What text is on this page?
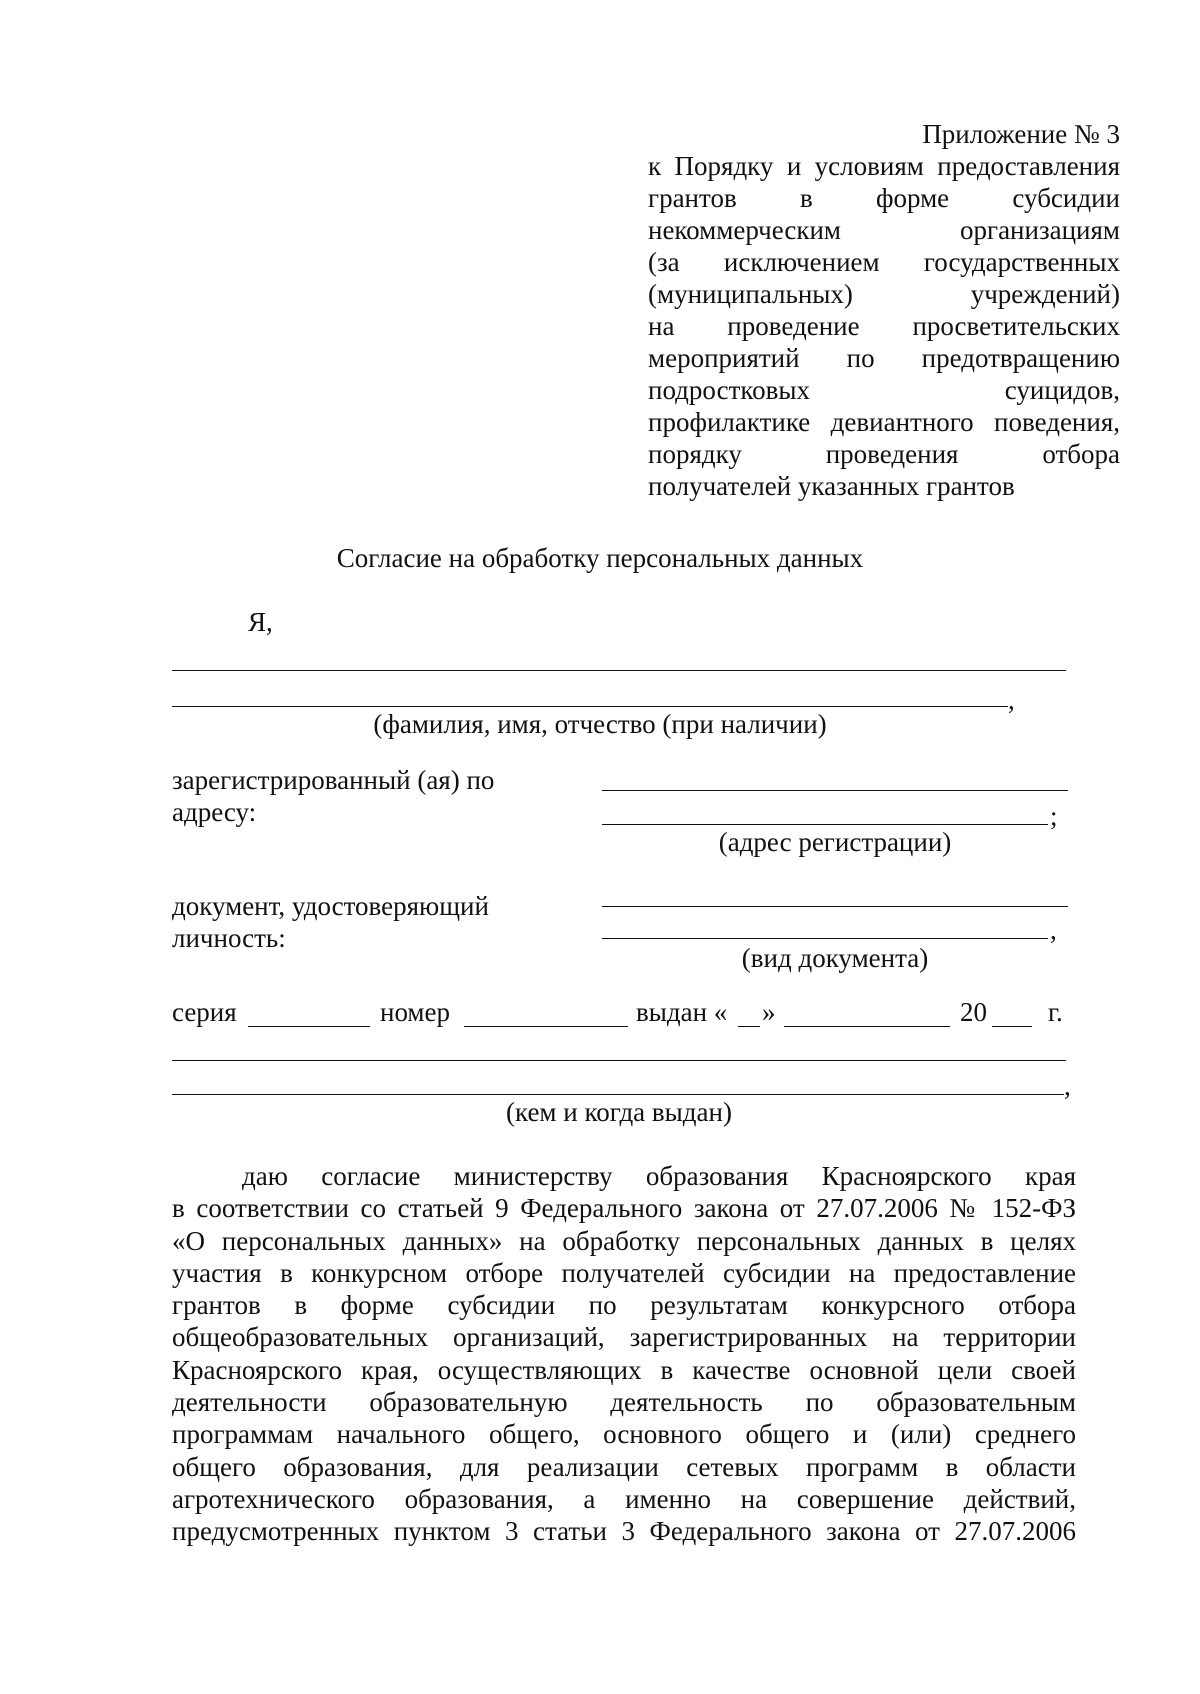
Приложение № 3
к Порядку и условиям предоставления
грантов в форме субсидии
некоммерческим организациям
(за исключением государственных
(муниципальных) учреждений)
на проведение просветительских
мероприятий по предотвращению
подростковых суицидов,
профилактике девиантного поведения,
порядку проведения отбора
получателей указанных грантов
Согласие на обработку персональных данных
Я,
,
(фамилия, имя, отчество (при наличии)
зарегистрированный (ая) по
адресу:	;
(адрес регистрации)
документ, удостоверяющий
личность:	,
(вид документа)
серия	номер	выдан « »	20 г.
,
(кем и когда выдан)
даю согласие министерству образования Красноярского края
в соответствии со статьей 9 Федерального закона от 27.07.2006 № 152-ФЗ
«О персональных данных» на обработку персональных данных в целях
участия в конкурсном отборе получателей субсидии на предоставление
грантов в форме субсидии по результатам конкурсного отбора
общеобразовательных организаций, зарегистрированных на территории
Красноярского края, осуществляющих в качестве основной цели своей
деятельности образовательную деятельность по образовательным
программам начального общего, основного общего и (или) среднего
общего образования, для реализации сетевых программ в области
агротехнического образования, а именно на совершение действий,
предусмотренных пунктом 3 статьи 3 Федерального закона от 27.07.2006
